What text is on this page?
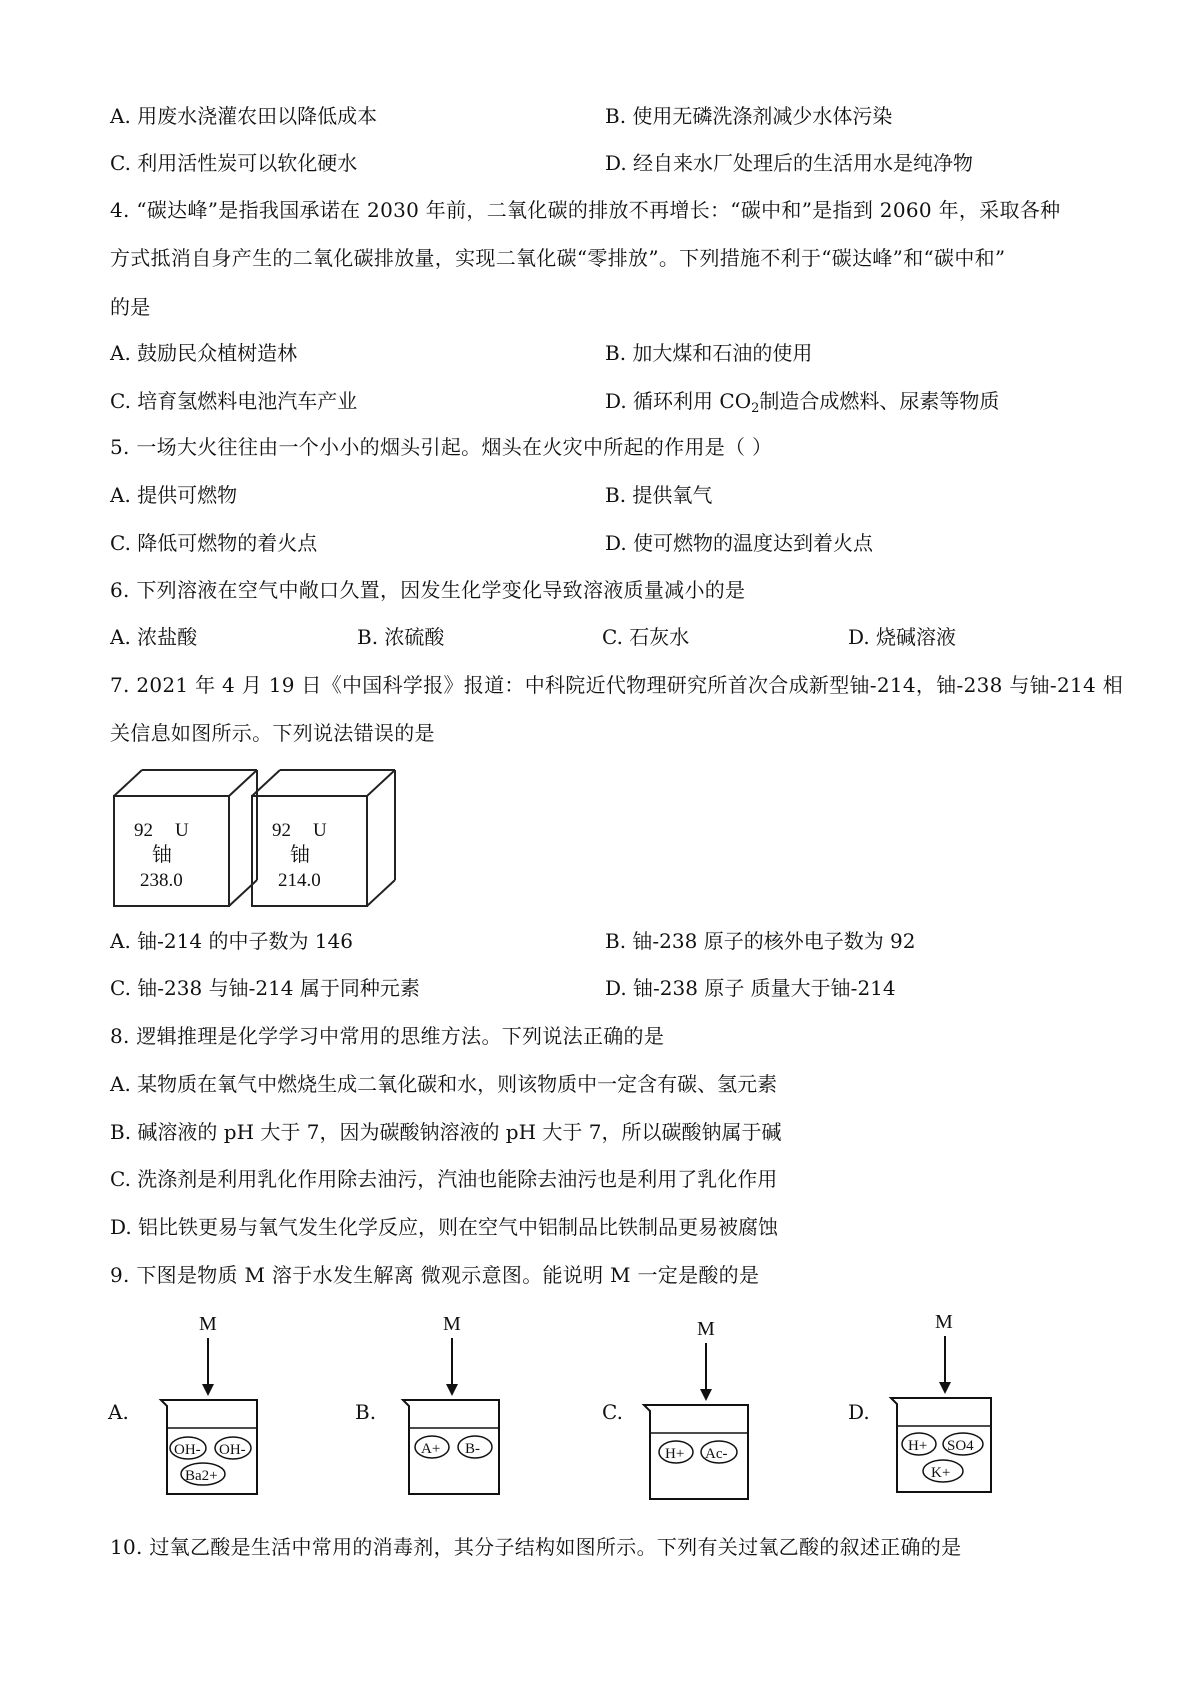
A. 用废水浇灌农田以降低成本	B. 使用无磷洗涤剂减少水体污染
C. 利用活性炭可以软化硬水	D. 经自来水厂处理后的生活用水是纯净物
4. “碳达峰”是指我国承诺在 2030 年前，二氧化碳的排放不再增长：“碳中和”是指到 2060 年，采取各种
方式抵消自身产生的二氧化碳排放量，实现二氧化碳“零排放”。下列措施不利于“碳达峰”和“碳中和”
的是
A. 鼓励民众植树造林	B. 加大煤和石油的使用
C. 培育氢燃料电池汽车产业	D. 循环利用 $CO_2$制造合成燃料、尿素等物质
5. 一场大火往往由一个小小的烟头引起。烟头在火灾中所起的作用是（ ）
A. 提供可燃物	B. 提供氧气
C. 降低可燃物的着火点	D. 使可燃物的温度达到着火点
6. 下列溶液在空气中敞口久置，因发生化学变化导致溶液质量减小的是
A. 浓盐酸	B. 浓硫酸	C. 石灰水	D. 烧碱溶液
7. 2021 年 4 月 19 日《中国科学报》报道：中科院近代物理研究所首次合成新型铀-214，铀-238 与铀-214 相
关信息如图所示。下列说法错误的是
92 U
铀
238.0
92 U
铀
214.0
A. 铀-214 的中子数为 146	B. 铀-238 原子的核外电子数为 92
C. 铀-238 与铀-214 属于同种元素	D. 铀-238 原子 质量大于铀-214
8. 逻辑推理是化学学习中常用的思维方法。下列说法正确的是
A. 某物质在氧气中燃烧生成二氧化碳和水，则该物质中一定含有碳、氢元素
B. 碱溶液的 pH 大于 7，因为碳酸钠溶液的 pH 大于 7，所以碳酸钠属于碱
C. 洗涤剂是利用乳化作用除去油污，汽油也能除去油污也是利用了乳化作用
D. 铝比铁更易与氧气发生化学反应，则在空气中铝制品比铁制品更易被腐蚀
9. 下图是物质 M 溶于水发生解离 微观示意图。能说明 M 一定是酸的是
A.
M
OH- OH-
Ba2+
B.
M
A+ B-
C.
M
H+ Ac-
D.
M
H+ SO4
K+
10. 过氧乙酸是生活中常用的消毒剂，其分子结构如图所示。下列有关过氧乙酸的叙述正确的是
